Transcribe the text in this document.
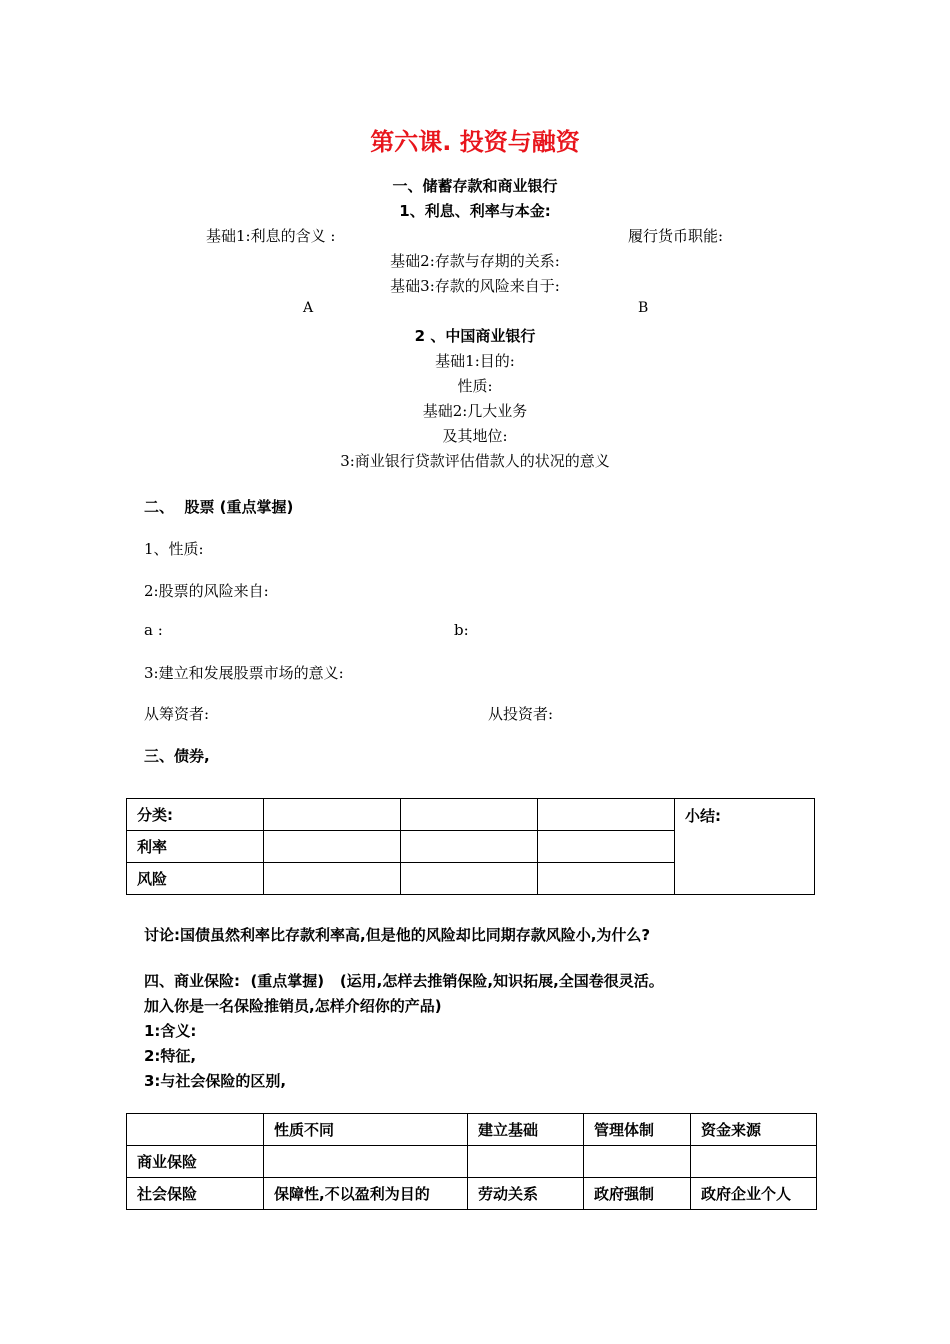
第六课. 投资与融资
一、储蓄存款和商业银行
1、利息、利率与本金:
基础1:利息的含义 :	履行货币职能:
基础2:存款与存期的关系:
基础3:存款的风险来自于:
A	B
2 、中国商业银行
基础1:目的:
性质:
基础2:几大业务
及其地位:
3:商业银行贷款评估借款人的状况的意义
二、  股票 (重点掌握)
1、性质:
2:股票的风险来自:
a :	b:
3:建立和发展股票市场的意义:
从筹资者:	从投资者:
三、债券,
分类:				小结:
利率				
风险				
讨论:国债虽然利率比存款利率高,但是他的风险却比同期存款风险小,为什么?
四、商业保险:  (重点掌握)   (运用,怎样去推销保险,知识拓展,全国卷很灵活。
加入你是一名保险推销员,怎样介绍你的产品)
1:含义:
2:特征,
3:与社会保险的区别,
	性质不同	建立基础	管理体制	资金来源
商业保险				
社会保险	保障性,不以盈利为目的	劳动关系	政府强制	政府企业个人
